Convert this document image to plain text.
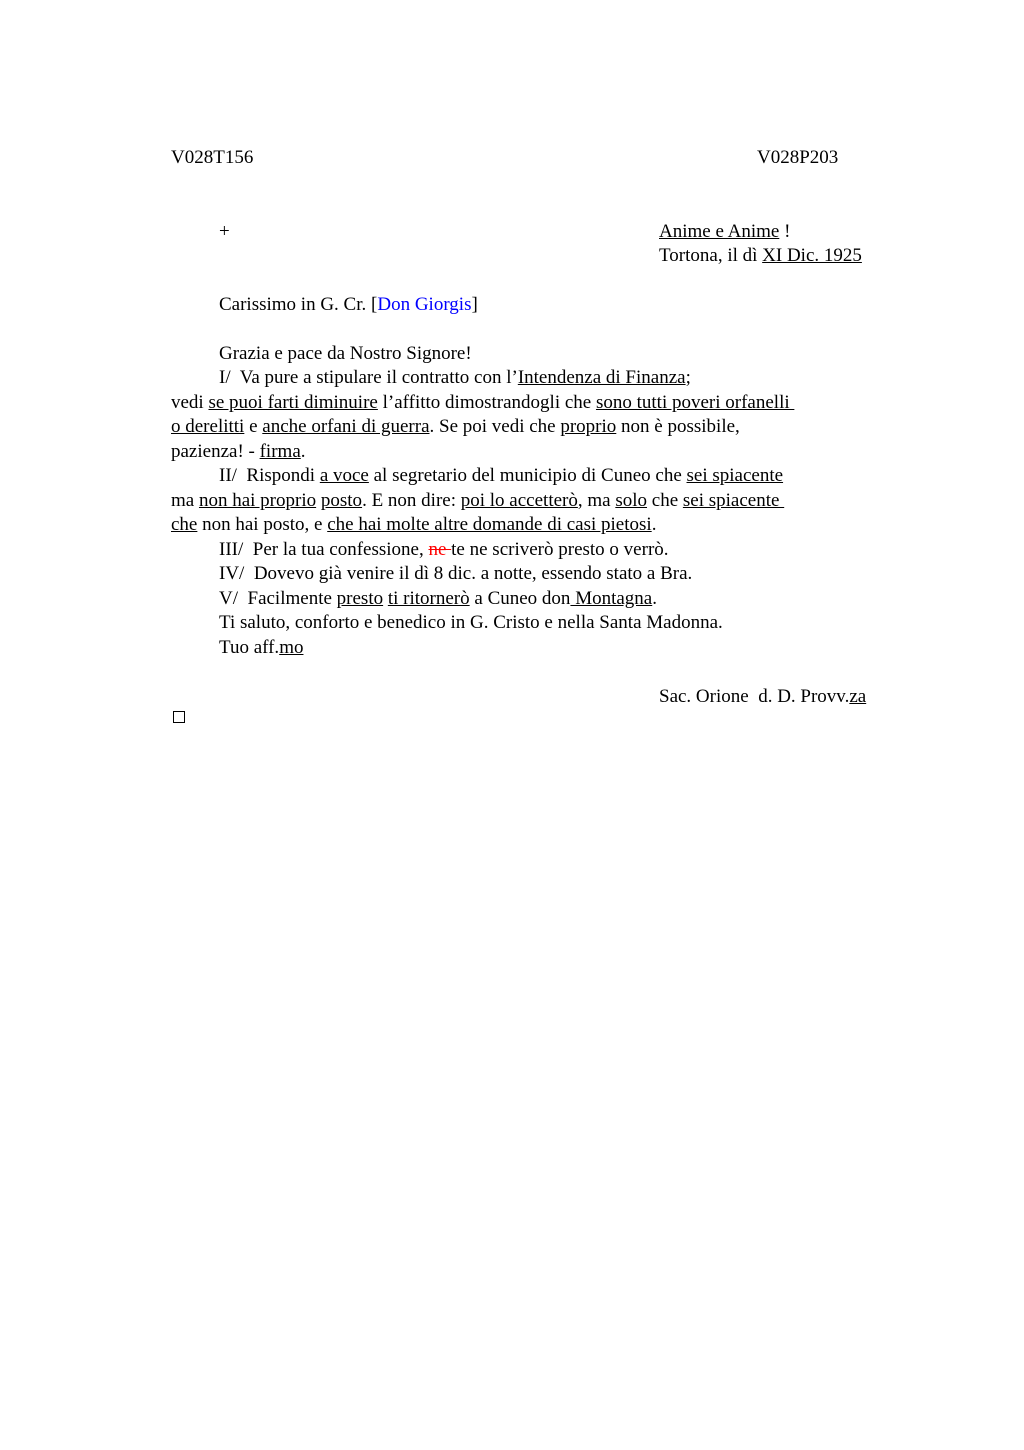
V028T156	V028P203
+	Anime e Anime !
Tortona, il dì XI Dic. 1925
Carissimo in G. Cr. [Don Giorgis]
Grazia e pace da Nostro Signore!
I/  Va pure a stipulare il contratto con l’Intendenza di Finanza;
vedi se puoi farti diminuire l’affitto dimostrandogli che sono tutti poveri orfanelli
o derelitti e anche orfani di guerra. Se poi vedi che proprio non è possibile,
pazienza! - firma.
II/  Rispondi a voce al segretario del municipio di Cuneo che sei spiacente
ma non hai proprio posto. E non dire: poi lo accetterò, ma solo che sei spiacente
che non hai posto, e che hai molte altre domande di casi pietosi.
III/  Per la tua confessione, ne te ne scriverò presto o verrò.
IV/  Dovevo già venire il dì 8 dic. a notte, essendo stato a Bra.
V/  Facilmente presto ti ritornerò a Cuneo don Montagna.
Ti saluto, conforto e benedico in G. Cristo e nella Santa Madonna.
Tuo aff.mo
Sac. Orione  d. D. Provv.za
